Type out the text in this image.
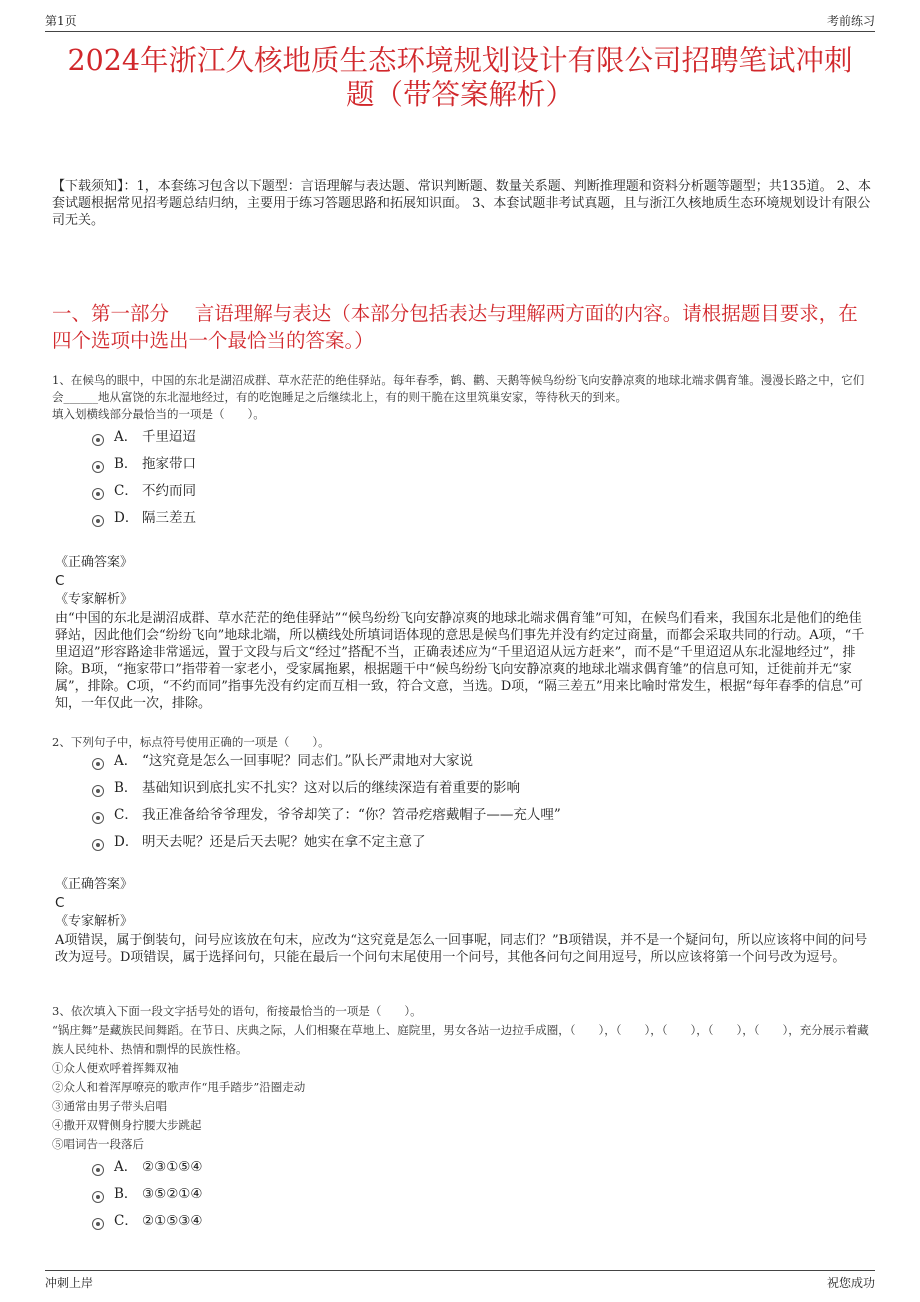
第1页	考前练习
2024年浙江久核地质生态环境规划设计有限公司招聘笔试冲刺
题（带答案解析）
【下载须知】：1，本套练习包含以下题型：言语理解与表达题、常识判断题、数量关系题、判断推理题和资料分析题等题型；共135道。 2、本套试题根据常见招考题总结归纳，主要用于练习答题思路和拓展知识面。 3、本套试题非考试真题，且与浙江久核地质生态环境规划设计有限公司无关。
一、第一部分　 言语理解与表达（本部分包括表达与理解两方面的内容。请根据题目要求，在四个选项中选出一个最恰当的答案。）
1、在候鸟的眼中，中国的东北是湖沼成群、草水茫茫的绝佳驿站。每年春季，鹤、鹳、天鹅等候鸟纷纷飞向安静凉爽的地球北端求偶育雏。漫漫长路之中，它们会______地从富饶的东北湿地经过，有的吃饱睡足之后继续北上，有的则干脆在这里筑巢安家，等待秋天的到来。
填入划横线部分最恰当的一项是（　　）。
A． 千里迢迢
B． 拖家带口
C． 不约而同
D． 隔三差五
《正确答案》
C
《专家解析》
由“中国的东北是湖沼成群、草水茫茫的绝佳驿站”“候鸟纷纷飞向安静凉爽的地球北端求偶育雏”可知，在候鸟们看来，我国东北是他们的绝佳驿站，因此他们会“纷纷飞向”地球北端，所以横线处所填词语体现的意思是候鸟们事先并没有约定过商量，而都会采取共同的行动。A项，“千里迢迢”形容路途非常遥远，置于文段与后文“经过”搭配不当，正确表述应为“千里迢迢从远方赶来”，而不是“千里迢迢从东北湿地经过”，排除。B项，“拖家带口”指带着一家老小，受家属拖累，根据题干中“候鸟纷纷飞向安静凉爽的地球北端求偶育雏”的信息可知，迁徙前并无“家属”，排除。C项，“不约而同”指事先没有约定而互相一致，符合文意，当选。D项，“隔三差五”用来比喻时常发生，根据“每年春季的信息”可知，一年仅此一次，排除。
2、下列句子中，标点符号使用正确的一项是（　　）。
A． “这究竟是怎么一回事呢？同志们。”队长严肃地对大家说
B． 基础知识到底扎实不扎实？这对以后的继续深造有着重要的影响
C． 我正准备给爷爷理发，爷爷却笑了：“你？笤帚疙瘩戴帽子——充人哩”
D． 明天去呢？还是后天去呢？她实在拿不定主意了
《正确答案》
C
《专家解析》
A项错误，属于倒装句，问号应该放在句末，应改为“这究竟是怎么一回事呢，同志们？”B项错误，并不是一个疑问句，所以应该将中间的问号改为逗号。D项错误，属于选择问句，只能在最后一个问句末尾使用一个问号，其他各问句之间用逗号，所以应该将第一个问号改为逗号。
3、依次填入下面一段文字括号处的语句，衔接最恰当的一项是（　　）。
“锅庄舞”是藏族民间舞蹈。在节日、庆典之际，人们相聚在草地上、庭院里，男女各站一边拉手成圈，（　　），（　　），（　　），（　　），（　　），充分展示着藏族人民纯朴、热情和剽悍的民族性格。
①众人便欢呼着挥舞双袖
②众人和着浑厚嘹亮的歌声作“甩手踏步”沿圈走动
③通常由男子带头启唱
④撒开双臂侧身拧腰大步跳起
⑤唱词告一段落后
A． ②③①⑤④
B． ③⑤②①④
C． ②①⑤③④
冲刺上岸	祝您成功
